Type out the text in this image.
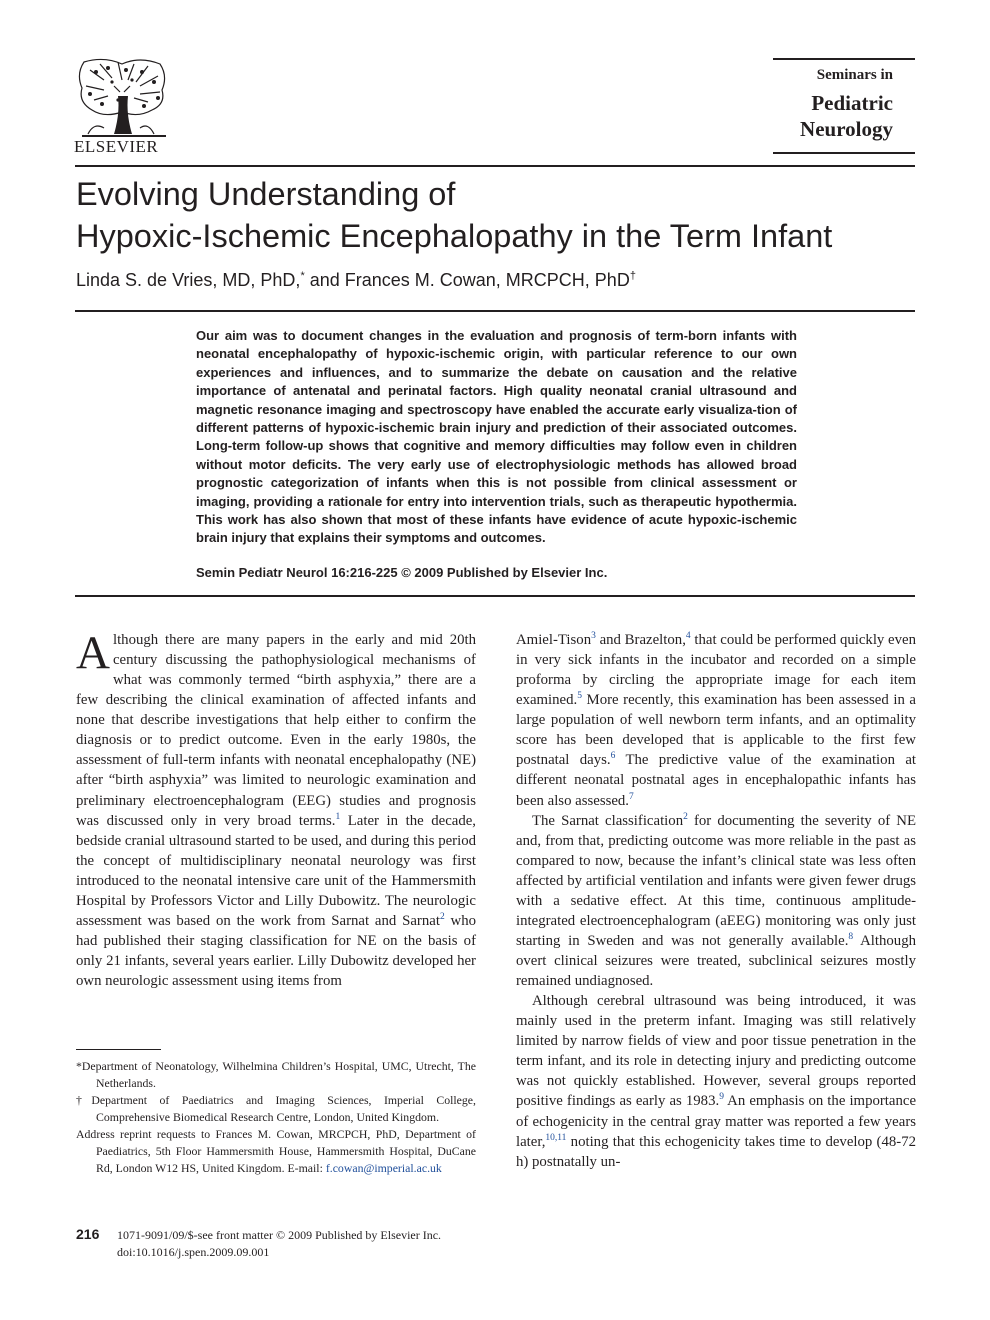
ELSEVIER
Seminars in
Pediatric
Neurology
Evolving Understanding of
Hypoxic-Ischemic Encephalopathy in the Term Infant
Linda S. de Vries, MD, PhD,* and Frances M. Cowan, MRCPCH, PhD†
Our aim was to document changes in the evaluation and prognosis of term-born infants with neonatal encephalopathy of hypoxic-ischemic origin, with particular reference to our own experiences and influences, and to summarize the debate on causation and the relative importance of antenatal and perinatal factors. High quality neonatal cranial ultrasound and magnetic resonance imaging and spectroscopy have enabled the accurate early visualiza-tion of different patterns of hypoxic-ischemic brain injury and prediction of their associated outcomes. Long-term follow-up shows that cognitive and memory difficulties may follow even in children without motor deficits. The very early use of electrophysiologic methods has allowed broad prognostic categorization of infants when this is not possible from clinical assessment or imaging, providing a rationale for entry into intervention trials, such as therapeutic hypothermia. This work has also shown that most of these infants have evidence of acute hypoxic-ischemic brain injury that explains their symptoms and outcomes.
Semin Pediatr Neurol 16:216-225 © 2009 Published by Elsevier Inc.

Although there are many papers in the early and mid 20th century discussing the pathophysiological mechanisms of what was commonly termed “birth asphyxia,” there are a few describing the clinical examination of affected infants and none that describe investigations that help either to confirm the diagnosis or to predict outcome. Even in the early 1980s, the assessment of full-term infants with neonatal encephalopathy (NE) after “birth asphyxia” was limited to neurologic examination and preliminary electroencephalogram (EEG) studies and prognosis was discussed only in very broad terms.$^1$ Later in the decade, bedside cranial ultrasound started to be used, and during this period the concept of multidisciplinary neonatal neurology was first introduced to the neonatal intensive care unit of the Hammersmith Hospital by Professors Victor and Lilly Dubowitz. The neurologic assessment was based on the work from Sarnat and Sarnat$^2$ who had published their staging classification for NE on the basis of only 21 infants, several years earlier. Lilly Dubowitz developed her own neurologic assessment using items from

Amiel-Tison$^3$ and Brazelton,$^4$ that could be performed quickly even in very sick infants in the incubator and recorded on a simple proforma by circling the appropriate image for each item examined.$^5$ More recently, this examination has been assessed in a large population of well newborn term infants, and an optimality score has been developed that is applicable to the first few postnatal days.$^6$ The predictive value of the examination at different neonatal postnatal ages in encephalopathic infants has been also assessed.$^7$

The Sarnat classification$^2$ for documenting the severity of NE and, from that, predicting outcome was more reliable in the past as compared to now, because the infant’s clinical state was less often affected by artificial ventilation and infants were given fewer drugs with a sedative effect. At this time, continuous amplitude-integrated electroencephalogram (aEEG) monitoring was only just starting in Sweden and was not generally available.$^8$ Although overt clinical seizures were treated, subclinical seizures mostly remained undiagnosed.

Although cerebral ultrasound was being introduced, it was mainly used in the preterm infant. Imaging was still relatively limited by narrow fields of view and poor tissue penetration in the term infant, and its role in detecting injury and predicting outcome was not quickly established. However, several groups reported positive findings as early as 1983.$^9$ An emphasis on the importance of echogenicity in the central gray matter was reported a few years later,$^{10,11}$ noting that this echogenicity takes time to develop (48-72 h) postnatally un-

*Department of Neonatology, Wilhelmina Children’s Hospital, UMC, Utrecht, The Netherlands.

†Department of Paediatrics and Imaging Sciences, Imperial College, Comprehensive Biomedical Research Centre, London, United Kingdom.

Address reprint requests to Frances M. Cowan, MRCPCH, PhD, Department of Paediatrics, 5th Floor Hammersmith House, Hammersmith Hospital, DuCane Rd, London W12 HS, United Kingdom. E-mail: f.cowan@imperial.ac.uk

216 1071-9091/09/$-see front matter © 2009 Published by Elsevier Inc.
doi:10.1016/j.spen.2009.09.001
